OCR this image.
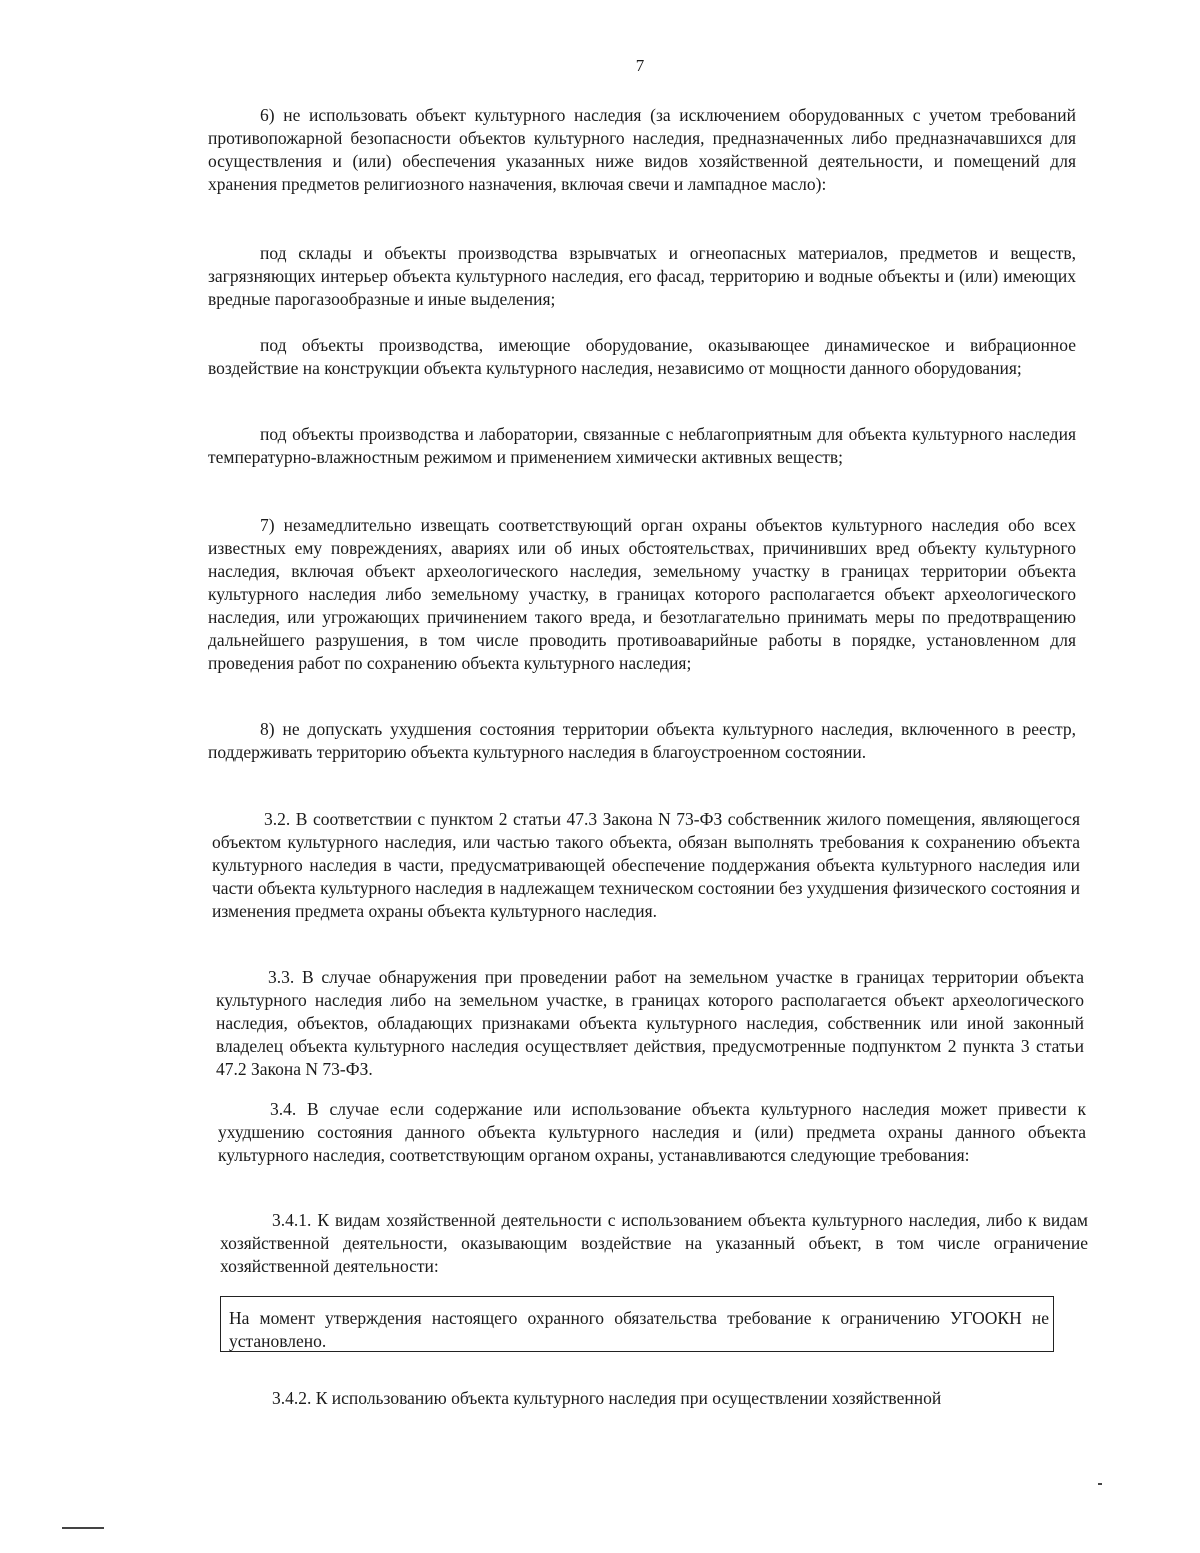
7

6) не использовать объект культурного наследия (за исключением оборудованных с учетом требований противопожарной безопасности объектов культурного наследия, предназначенных либо предназначавшихся для осуществления и (или) обеспечения указанных ниже видов хозяйственной деятельности, и помещений для хранения предметов религиозного назначения, включая свечи и лампадное масло):

под склады и объекты производства взрывчатых и огнеопасных материалов, предметов и веществ, загрязняющих интерьер объекта культурного наследия, его фасад, территорию и водные объекты и (или) имеющих вредные парогазообразные и иные выделения;

под объекты производства, имеющие оборудование, оказывающее динамическое и вибрационное воздействие на конструкции объекта культурного наследия, независимо от мощности данного оборудования;

под объекты производства и лаборатории, связанные с неблагоприятным для объекта культурного наследия температурно-влажностным режимом и применением химически активных веществ;

7) незамедлительно извещать соответствующий орган охраны объектов культурного наследия обо всех известных ему повреждениях, авариях или об иных обстоятельствах, причинивших вред объекту культурного наследия, включая объект археологического наследия, земельному участку в границах территории объекта культурного наследия либо земельному участку, в границах которого располагается объект археологического наследия, или угрожающих причинением такого вреда, и безотлагательно принимать меры по предотвращению дальнейшего разрушения, в том числе проводить противоаварийные работы в порядке, установленном для проведения работ по сохранению объекта культурного наследия;

8) не допускать ухудшения состояния территории объекта культурного наследия, включенного в реестр, поддерживать территорию объекта культурного наследия в благоустроенном состоянии.

3.2. В соответствии с пунктом 2 статьи 47.3 Закона N 73-ФЗ собственник жилого помещения, являющегося объектом культурного наследия, или частью такого объекта, обязан выполнять требования к сохранению объекта культурного наследия в части, предусматривающей обеспечение поддержания объекта культурного наследия или части объекта культурного наследия в надлежащем техническом состоянии без ухудшения физического состояния и изменения предмета охраны объекта культурного наследия.

3.3. В случае обнаружения при проведении работ на земельном участке в границах территории объекта культурного наследия либо на земельном участке, в границах которого располагается объект археологического наследия, объектов, обладающих признаками объекта культурного наследия, собственник или иной законный владелец объекта культурного наследия осуществляет действия, предусмотренные подпунктом 2 пункта 3 статьи 47.2 Закона N 73-ФЗ.

3.4. В случае если содержание или использование объекта культурного наследия может привести к ухудшению состояния данного объекта культурного наследия и (или) предмета охраны данного объекта культурного наследия, соответствующим органом охраны, устанавливаются следующие требования:

3.4.1. К видам хозяйственной деятельности с использованием объекта культурного наследия, либо к видам хозяйственной деятельности, оказывающим воздействие на указанный объект, в том числе ограничение хозяйственной деятельности:

На момент утверждения настоящего охранного обязательства требование к ограничению УГООКН не установлено.

3.4.2. К использованию объекта культурного наследия при осуществлении хозяйственной
